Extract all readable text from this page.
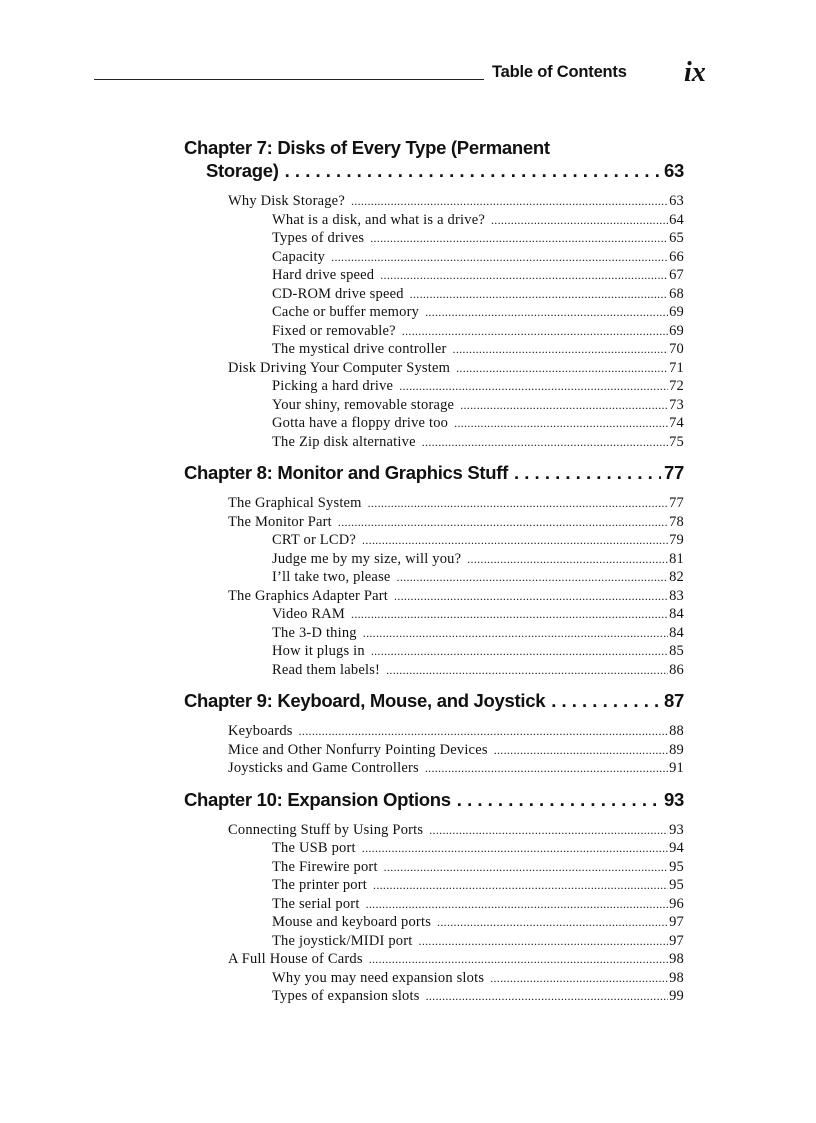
Table of Contents ix
Chapter 7: Disks of Every Type (Permanent
Storage) . . .	63
Why Disk Storage? .....	63
What is a disk, and what is a drive? .....	64
Types of drives .....	65
Capacity .....	66
Hard drive speed .....	67
CD-ROM drive speed .....	68
Cache or buffer memory .....	69
Fixed or removable? .....	69
The mystical drive controller .....	70
Disk Driving Your Computer System .....	71
Picking a hard drive .....	72
Your shiny, removable storage .....	73
Gotta have a floppy drive too .....	74
The Zip disk alternative .....	75
Chapter 8: Monitor and Graphics Stuff . . .	77
The Graphical System .....	77
The Monitor Part .....	78
CRT or LCD? .....	79
Judge me by my size, will you? .....	81
I’ll take two, please .....	82
The Graphics Adapter Part .....	83
Video RAM .....	84
The 3-D thing .....	84
How it plugs in .....	85
Read them labels! .....	86
Chapter 9: Keyboard, Mouse, and Joystick . . .	87
Keyboards .....	88
Mice and Other Nonfurry Pointing Devices .....	89
Joysticks and Game Controllers .....	91
Chapter 10: Expansion Options . . .	93
Connecting Stuff by Using Ports .....	93
The USB port .....	94
The Firewire port .....	95
The printer port .....	95
The serial port .....	96
Mouse and keyboard ports .....	97
The joystick/MIDI port .....	97
A Full House of Cards .....	98
Why you may need expansion slots .....	98
Types of expansion slots .....	99
